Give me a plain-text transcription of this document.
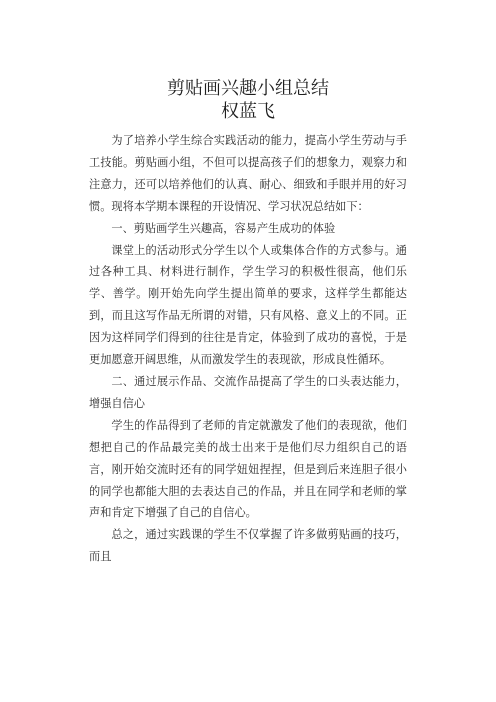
剪贴画兴趣小组总结
权蓝飞

为了培养小学生综合实践活动的能力，提高小学生劳动与手工技能。剪贴画小组，不但可以提高孩子们的想象力，观察力和注意力，还可以培养他们的认真、耐心、细致和手眼并用的好习惯。现将本学期本课程的开设情况、学习状况总结如下：

一、剪贴画学生兴趣高，容易产生成功的体验

课堂上的活动形式分学生以个人或集体合作的方式参与。通过各种工具、材料进行制作，学生学习的积极性很高，他们乐学、善学。刚开始先向学生提出简单的要求，这样学生都能达到，而且这写作品无所谓的对错，只有风格、意义上的不同。正因为这样同学们得到的往往是肯定，体验到了成功的喜悦，于是更加愿意开阔思维，从而激发学生的表现欲，形成良性循环。

二、通过展示作品、交流作品提高了学生的口头表达能力，增强自信心

学生的作品得到了老师的肯定就激发了他们的表现欲，他们想把自己的作品最完美的战士出来于是他们尽力组织自己的语言，刚开始交流时还有的同学妞妞捏捏，但是到后来连胆子很小的同学也都能大胆的去表达自己的作品，并且在同学和老师的掌声和肯定下增强了自己的自信心。

总之，通过实践课的学生不仅掌握了许多做剪贴画的技巧，而且
